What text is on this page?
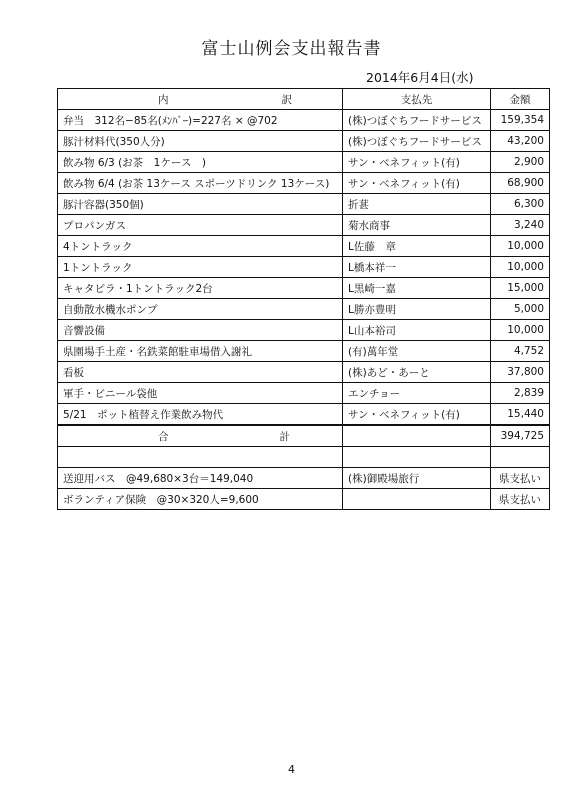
富士山例会支出報告書
2014年6月4日(水)
内 訳	支払先	金額
弁当　312名−85名(ﾒﾝﾊﾞｰ)=227名 × @702	(株)つぼぐちフードサービス	159,354
豚汁材料代(350人分)	(株)つぼぐちフードサービス	43,200
飲み物 6/3 (お茶　1ケース　)	サン・ベネフィット(有)	2,900
飲み物 6/4 (お茶 13ケース スポーツドリンク 13ケース)	サン・ベネフィット(有)	68,900
豚汁容器(350個)	折葚	6,300
プロパンガス	菊水商事	3,240
4トントラック	L佐藤　章	10,000
1トントラック	L橋本祥一	10,000
キャタピラ・1トントラック2台	L黒崎一嘉	15,000
自動散水機水ポンプ	L勝亦豊明	5,000
音響設備	L山本裕司	10,000
県園場手土産・名鉄菜館駐車場借入謝礼	(有)萬年堂	4,752
看板	(株)あど・あーと	37,800
軍手・ビニール袋他	エンチョー	2,839
5/21　ポット植替え作業飲み物代	サン・ベネフィット(有)	15,440

合 計		394,725

送迎用バス　@49,680×3台＝149,040	(株)御殿場旅行	県支払い
ボランティア保険　@30×320人=9,600		県支払い
4
